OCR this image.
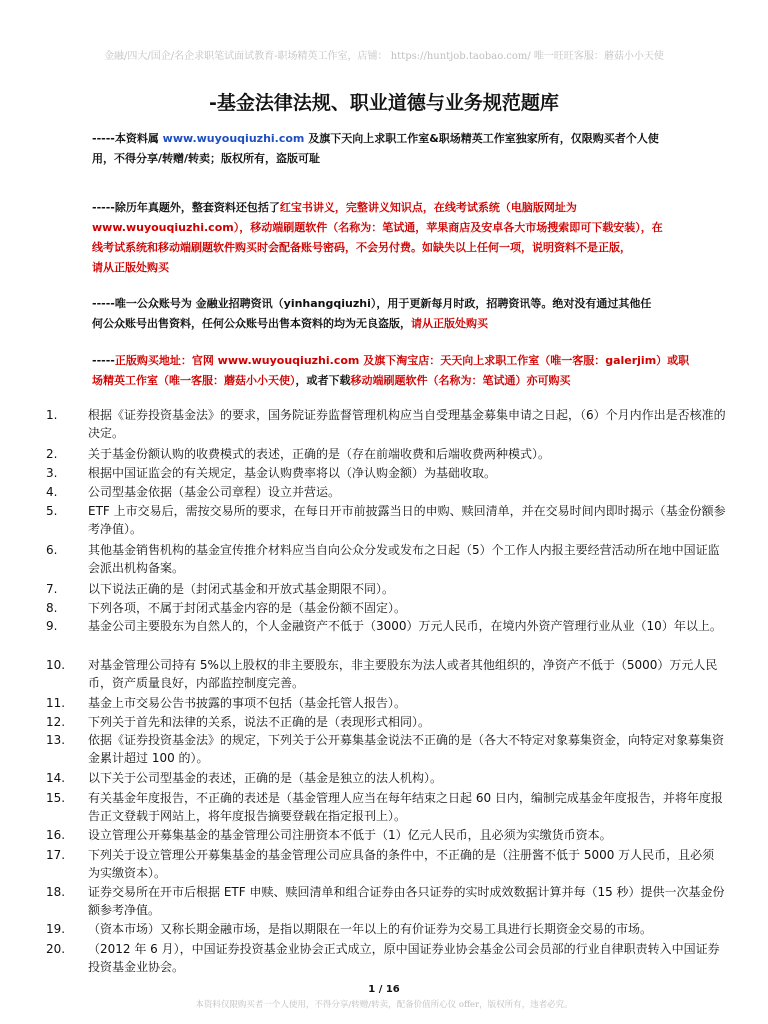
金融/四大/国企/名企求职笔试面试教育-职场精英工作室，店铺： https://huntjob.taobao.com/ 唯一旺旺客服：蘑菇小小天使
-基金法律法规、职业道德与业务规范题库
-----本资料属 www.wuyouqiuzhi.com 及旗下天向上求职工作室&职场精英工作室独家所有，仅限购买者个人使
用，不得分享/转赠/转卖；版权所有，盗版可耻
-----除历年真题外，整套资料还包括了红宝书讲义，完整讲义知识点，在线考试系统（电脑版网址为
www.wuyouqiuzhi.com），移动端刷题软件（名称为：笔试通，苹果商店及安卓各大市场搜索即可下载安装），在
线考试系统和移动端刷题软件购买时会配备账号密码，不会另付费。如缺失以上任何一项，说明资料不是正版，
请从正版处购买
-----唯一公众账号为 金融业招聘资讯（yinhangqiuzhi），用于更新每月时政，招聘资讯等。绝对没有通过其他任
何公众账号出售资料，任何公众账号出售本资料的均为无良盗版，请从正版处购买
-----正版购买地址：官网 www.wuyouqiuzhi.com 及旗下淘宝店：天天向上求职工作室（唯一客服：galerjim）或职
场精英工作室（唯一客服：蘑菇小小天使），或者下载移动端刷题软件（名称为：笔试通）亦可购买
1.	根据《证券投资基金法》的要求，国务院证券监督管理机构应当自受理基金募集申请之日起，（6）个月内作出是否核准的决定。
2.	关于基金份额认购的收费模式的表述，正确的是（存在前端收费和后端收费两种模式）。
3.	根据中国证监会的有关规定，基金认购费率将以（净认购金额）为基础收取。
4.	公司型基金依据（基金公司章程）设立并营运。
5.	ETF 上市交易后，需按交易所的要求，在每日开市前披露当日的申购、赎回清单，并在交易时间内即时揭示（基金份额参考净值）。
6.	其他基金销售机构的基金宣传推介材料应当自向公众分发或发布之日起（5）个工作人内报主要经营活动所在地中国证监会派出机构备案。
7.	以下说法正确的是（封闭式基金和开放式基金期限不同）。
8.	下列各项，不属于封闭式基金内容的是（基金份额不固定）。
9.	基金公司主要股东为自然人的，个人金融资产不低于（3000）万元人民币，在境内外资产管理行业从业（10）年以上。
10.	对基金管理公司持有 5%以上股权的非主要股东，非主要股东为法人或者其他组织的，净资产不低于（5000）万元人民币，资产质量良好，内部监控制度完善。
11.	基金上市交易公告书披露的事项不包括（基金托管人报告）。
12.	下列关于首先和法律的关系，说法不正确的是（表现形式相同）。
13.	依据《证券投资基金法》的规定，下列关于公开募集基金说法不正确的是（各大不特定对象募集资金，向特定对象募集资金累计超过 100 的）。
14.	以下关于公司型基金的表述，正确的是（基金是独立的法人机构）。
15.	有关基金年度报告，不正确的表述是（基金管理人应当在每年结束之日起 60 日内，编制完成基金年度报告，并将年度报告正文登载于网站上，将年度报告摘要登载在指定报刊上）。
16.	设立管理公开募集基金的基金管理公司注册资本不低于（1）亿元人民币，且必须为实缴货币资本。
17.	下列关于设立管理公开募集基金的基金管理公司应具备的条件中，不正确的是（注册酱不低于 5000 万人民币，且必须为实缴资本）。
18.	证券交易所在开市后根据 ETF 申赎、赎回清单和组合证券由各只证券的实时成效数据计算并每（15 秒）提供一次基金份额参考净值。
19.	（资本市场）又称长期金融市场，是指以期限在一年以上的有价证券为交易工具进行长期资金交易的市场。
20.	（2012 年 6 月），中国证券投资基金业协会正式成立，原中国证券业协会基金公司会员部的行业自律职责转入中国证券投资基金业协会。
1 / 16
本资料仅限购买者一个人使用，不得分享/转赠/转卖，配备价值所心仪 offer，版权所有，违者必究。
